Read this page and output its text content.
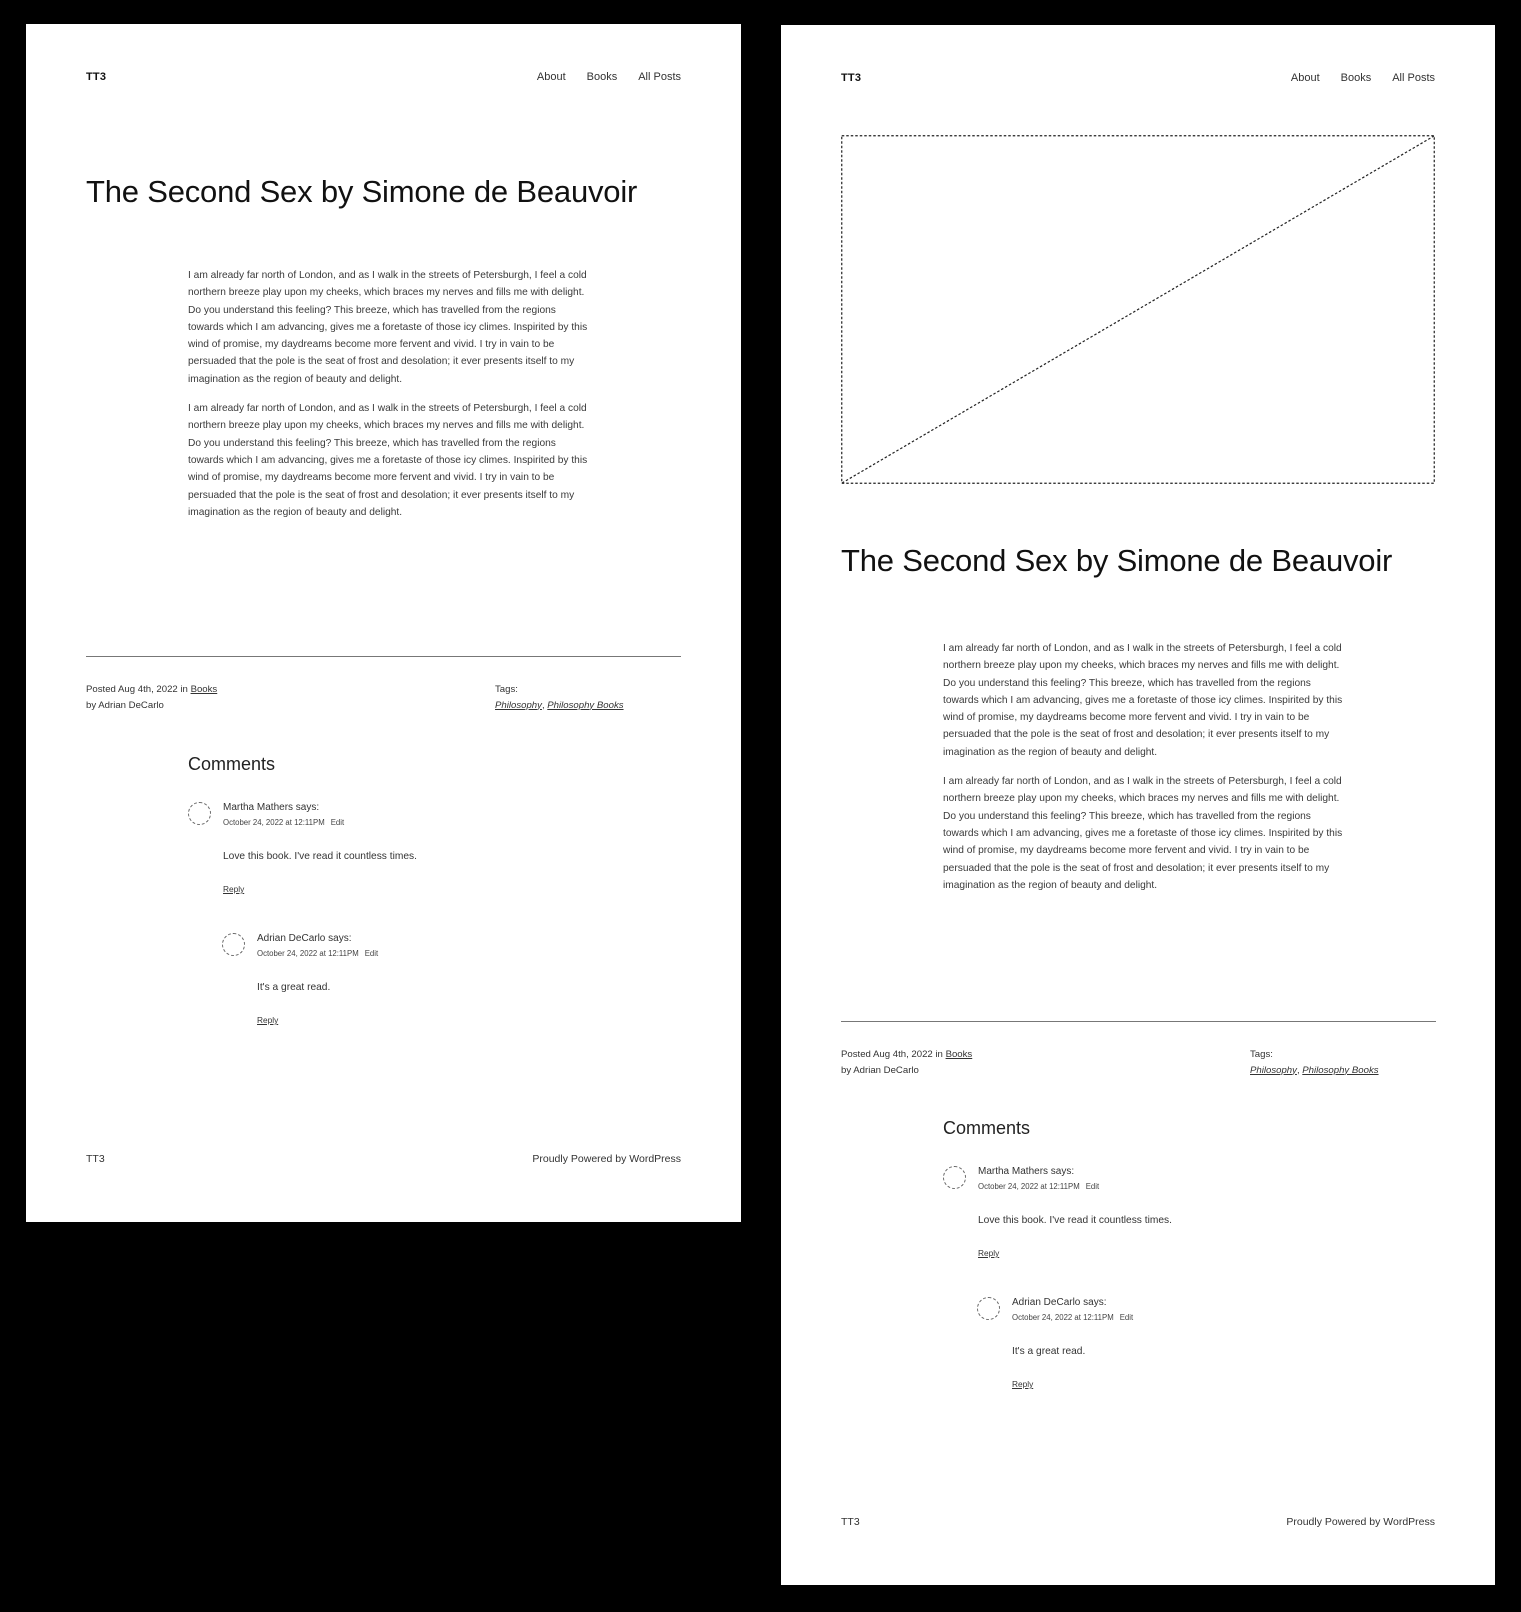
TT3	About Books All Posts
The Second Sex by Simone de Beauvoir

I am already far north of London, and as I walk in the streets of Petersburgh, I feel a cold northern breeze play upon my cheeks, which braces my nerves and fills me with delight. Do you understand this feeling? This breeze, which has travelled from the regions towards which I am advancing, gives me a foretaste of those icy climes. Inspirited by this wind of promise, my daydreams become more fervent and vivid. I try in vain to be persuaded that the pole is the seat of frost and desolation; it ever presents itself to my imagination as the region of beauty and delight.

I am already far north of London, and as I walk in the streets of Petersburgh, I feel a cold northern breeze play upon my cheeks, which braces my nerves and fills me with delight. Do you understand this feeling? This breeze, which has travelled from the regions towards which I am advancing, gives me a foretaste of those icy climes. Inspirited by this wind of promise, my daydreams become more fervent and vivid. I try in vain to be persuaded that the pole is the seat of frost and desolation; it ever presents itself to my imagination as the region of beauty and delight.

Posted Aug 4th, 2022 in Books
by Adrian DeCarlo
Tags:
Philosophy, Philosophy Books
Comments
Martha Mathers says:
October 24, 2022 at 12:11PM Edit
Love this book. I've read it countless times.
Reply
Adrian DeCarlo says:
October 24, 2022 at 12:11PM Edit
It's a great read.
Reply
TT3	Proudly Powered by WordPress
TT3	About Books All Posts
The Second Sex by Simone de Beauvoir

I am already far north of London, and as I walk in the streets of Petersburgh, I feel a cold northern breeze play upon my cheeks, which braces my nerves and fills me with delight. Do you understand this feeling? This breeze, which has travelled from the regions towards which I am advancing, gives me a foretaste of those icy climes. Inspirited by this wind of promise, my daydreams become more fervent and vivid. I try in vain to be persuaded that the pole is the seat of frost and desolation; it ever presents itself to my imagination as the region of beauty and delight.

I am already far north of London, and as I walk in the streets of Petersburgh, I feel a cold northern breeze play upon my cheeks, which braces my nerves and fills me with delight. Do you understand this feeling? This breeze, which has travelled from the regions towards which I am advancing, gives me a foretaste of those icy climes. Inspirited by this wind of promise, my daydreams become more fervent and vivid. I try in vain to be persuaded that the pole is the seat of frost and desolation; it ever presents itself to my imagination as the region of beauty and delight.

Posted Aug 4th, 2022 in Books
by Adrian DeCarlo
Tags:
Philosophy, Philosophy Books
Comments
Martha Mathers says:
October 24, 2022 at 12:11PM Edit
Love this book. I've read it countless times.
Reply
Adrian DeCarlo says:
October 24, 2022 at 12:11PM Edit
It's a great read.
Reply
TT3	Proudly Powered by WordPress
